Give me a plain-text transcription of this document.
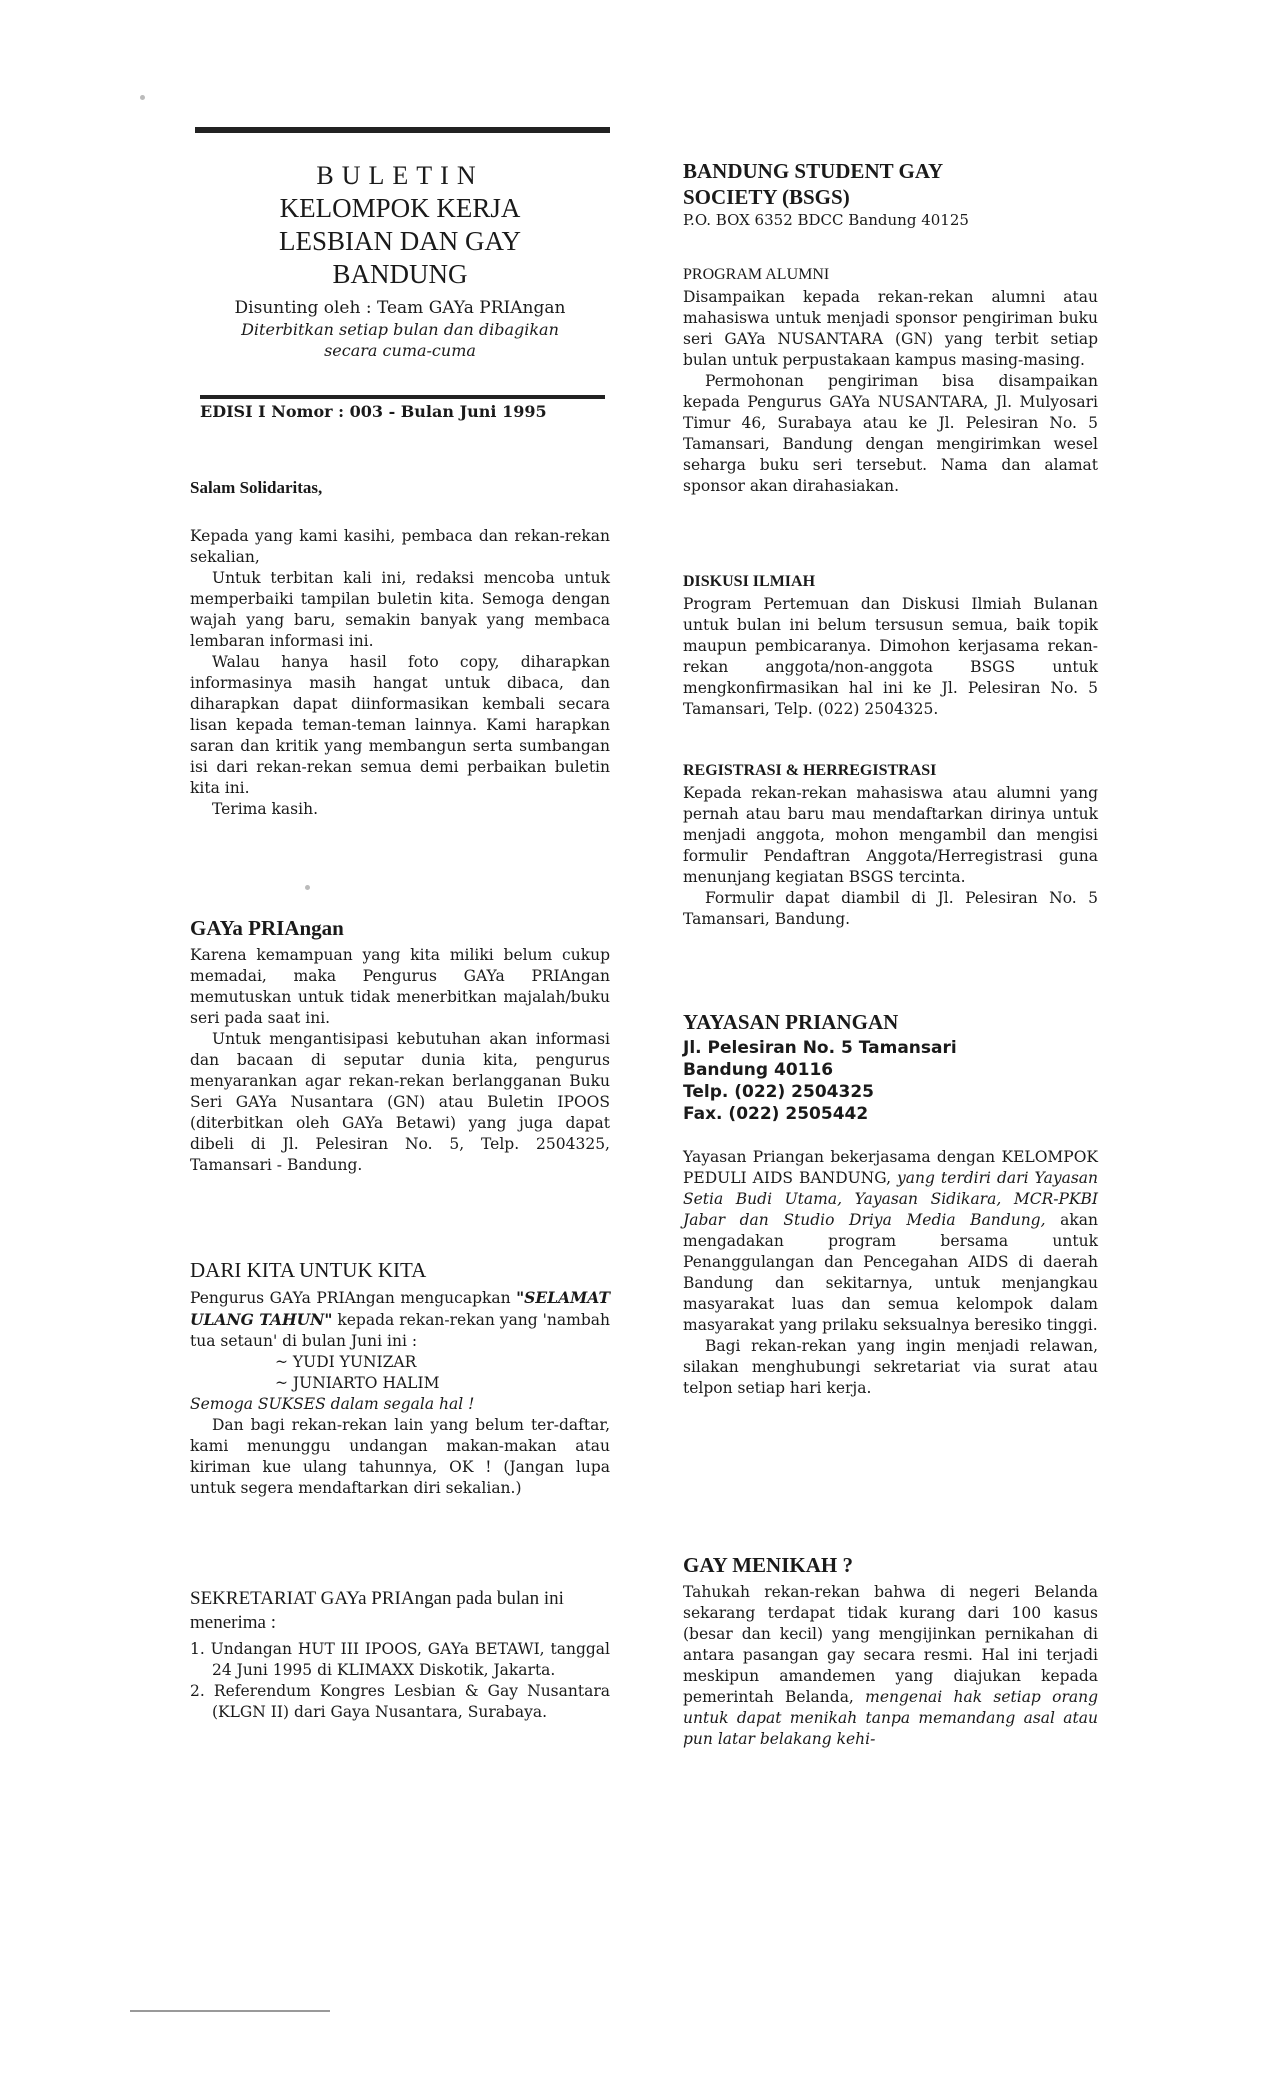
BULETIN
KELOMPOK KERJA
LESBIAN DAN GAY
BANDUNG
Disunting oleh : Team GAYa PRIAngan
Diterbitkan setiap bulan dan dibagikan
secara cuma-cuma
EDISI I Nomor : 003 - Bulan Juni 1995
Salam Solidaritas,

Kepada yang kami kasihi, pembaca dan rekan-rekan sekalian,

Untuk terbitan kali ini, redaksi mencoba untuk memperbaiki tampilan buletin kita. Semoga dengan wajah yang baru, semakin banyak yang membaca lembaran informasi ini.

Walau hanya hasil foto copy, diharapkan informasinya masih hangat untuk dibaca, dan diharapkan dapat diinformasikan kembali secara lisan kepada teman-teman lainnya. Kami harapkan saran dan kritik yang membangun serta sumbangan isi dari rekan-rekan semua demi perbaikan buletin kita ini.

Terima kasih.

GAYa PRIAngan

Karena kemampuan yang kita miliki belum cukup memadai, maka Pengurus GAYa PRIAngan memutuskan untuk tidak menerbitkan majalah/buku seri pada saat ini.

Untuk mengantisipasi kebutuhan akan informasi dan bacaan di seputar dunia kita, pengurus menyarankan agar rekan-rekan berlangganan Buku Seri GAYa Nusantara (GN) atau Buletin IPOOS (diterbitkan oleh GAYa Betawi) yang juga dapat dibeli di Jl. Pelesiran No. 5, Telp. 2504325, Tamansari - Bandung.

DARI KITA UNTUK KITA

Pengurus GAYa PRIAngan mengucapkan "SELAMAT ULANG TAHUN" kepada rekan-rekan yang 'nambah tua setaun' di bulan Juni ini :

~ YUDI YUNIZAR

~ JUNIARTO HALIM

Semoga SUKSES dalam segala hal !

Dan bagi rekan-rekan lain yang belum ter-daftar, kami menunggu undangan makan-makan atau kiriman kue ulang tahunnya, OK ! (Jangan lupa untuk segera mendaftarkan diri sekalian.)

SEKRETARIAT GAYa PRIAngan pada bulan ini menerima :
1. Undangan HUT III IPOOS, GAYa BETAWI, tanggal 24 Juni 1995 di KLIMAXX Diskotik, Jakarta.
2. Referendum Kongres Lesbian & Gay Nusantara (KLGN II) dari Gaya Nusantara, Surabaya.
BANDUNG STUDENT GAY
SOCIETY (BSGS)
P.O. BOX 6352 BDCC Bandung 40125
PROGRAM ALUMNI

Disampaikan kepada rekan-rekan alumni atau mahasiswa untuk menjadi sponsor pengiriman buku seri GAYa NUSANTARA (GN) yang terbit setiap bulan untuk perpustakaan kampus masing-masing.

Permohonan pengiriman bisa disampaikan kepada Pengurus GAYa NUSANTARA, Jl. Mulyosari Timur 46, Surabaya atau ke Jl. Pelesiran No. 5 Tamansari, Bandung dengan mengirimkan wesel seharga buku seri tersebut. Nama dan alamat sponsor akan dirahasiakan.

DISKUSI ILMIAH

Program Pertemuan dan Diskusi Ilmiah Bulanan untuk bulan ini belum tersusun semua, baik topik maupun pembicaranya. Dimohon kerjasama rekan-rekan anggota/non-anggota BSGS untuk mengkonfirmasikan hal ini ke Jl. Pelesiran No. 5 Tamansari, Telp. (022) 2504325.

REGISTRASI & HERREGISTRASI

Kepada rekan-rekan mahasiswa atau alumni yang pernah atau baru mau mendaftarkan dirinya untuk menjadi anggota, mohon mengambil dan mengisi formulir Pendaftran Anggota/Herregistrasi guna menunjang kegiatan BSGS tercinta.

Formulir dapat diambil di Jl. Pelesiran No. 5 Tamansari, Bandung.

YAYASAN PRIANGAN
Jl. Pelesiran No. 5 Tamansari
Bandung 40116
Telp. (022) 2504325
Fax. (022) 2505442

Yayasan Priangan bekerjasama dengan KELOMPOK PEDULI AIDS BANDUNG, yang terdiri dari Yayasan Setia Budi Utama, Yayasan Sidikara, MCR-PKBI Jabar dan Studio Driya Media Bandung, akan mengadakan program bersama untuk Penanggulangan dan Pencegahan AIDS di daerah Bandung dan sekitarnya, untuk menjangkau masyarakat luas dan semua kelompok dalam masyarakat yang prilaku seksualnya beresiko tinggi.

Bagi rekan-rekan yang ingin menjadi relawan, silakan menghubungi sekretariat via surat atau telpon setiap hari kerja.

GAY MENIKAH ?

Tahukah rekan-rekan bahwa di negeri Belanda sekarang terdapat tidak kurang dari 100 kasus (besar dan kecil) yang mengijinkan pernikahan di antara pasangan gay secara resmi. Hal ini terjadi meskipun amandemen yang diajukan kepada pemerintah Belanda, mengenai hak setiap orang untuk dapat menikah tanpa memandang asal atau pun latar belakang kehi-
